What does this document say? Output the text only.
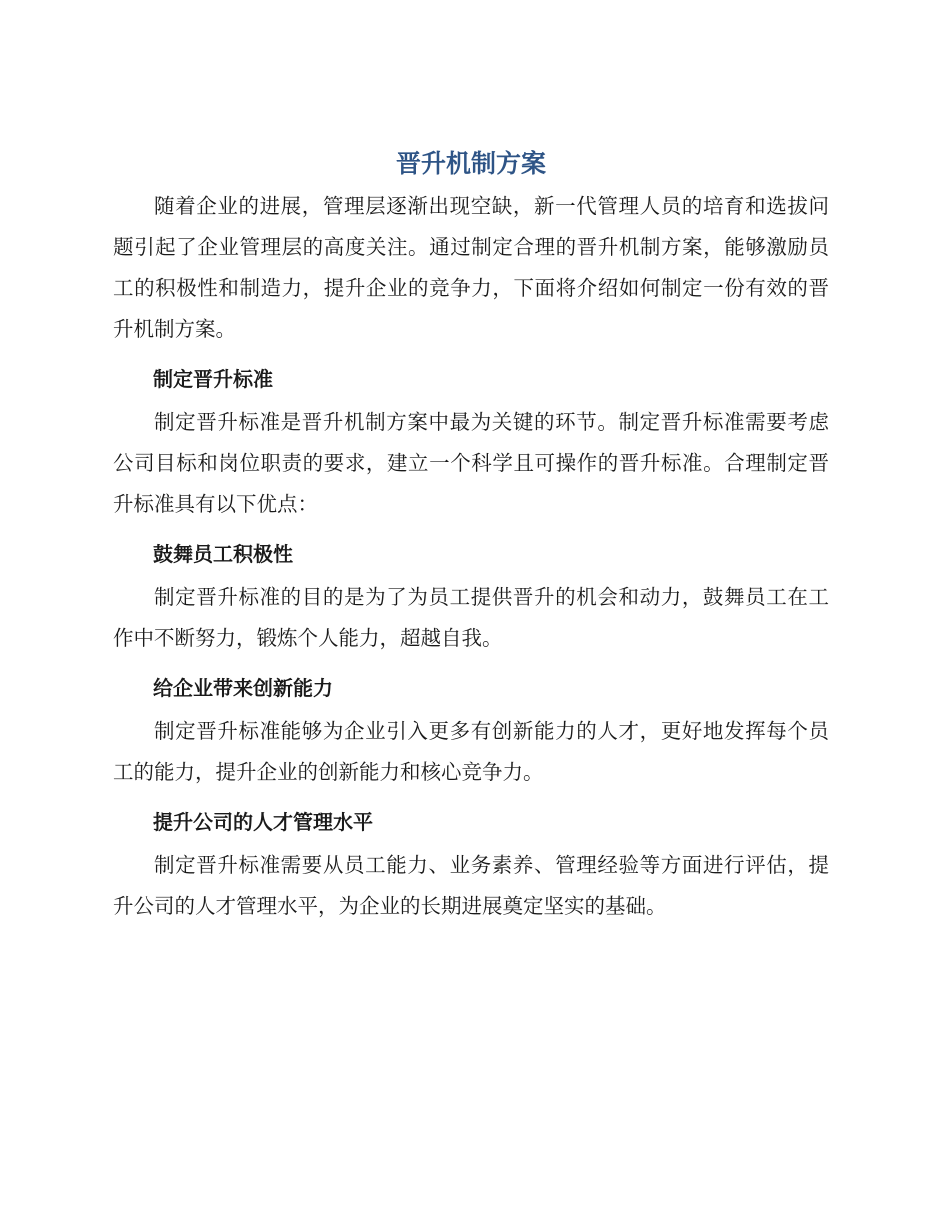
晋升机制方案

随着企业的进展，管理层逐渐出现空缺，新一代管理人员的培育和选拔问题引起了企业管理层的高度关注。通过制定合理的晋升机制方案，能够激励员工的积极性和制造力，提升企业的竞争力，下面将介绍如何制定一份有效的晋升机制方案。

制定晋升标准

制定晋升标准是晋升机制方案中最为关键的环节。制定晋升标准需要考虑公司目标和岗位职责的要求，建立一个科学且可操作的晋升标准。合理制定晋升标准具有以下优点：

鼓舞员工积极性

制定晋升标准的目的是为了为员工提供晋升的机会和动力，鼓舞员工在工作中不断努力，锻炼个人能力，超越自我。

给企业带来创新能力

制定晋升标准能够为企业引入更多有创新能力的人才，更好地发挥每个员工的能力，提升企业的创新能力和核心竞争力。

提升公司的人才管理水平

制定晋升标准需要从员工能力、业务素养、管理经验等方面进行评估，提升公司的人才管理水平，为企业的长期进展奠定坚实的基础。
